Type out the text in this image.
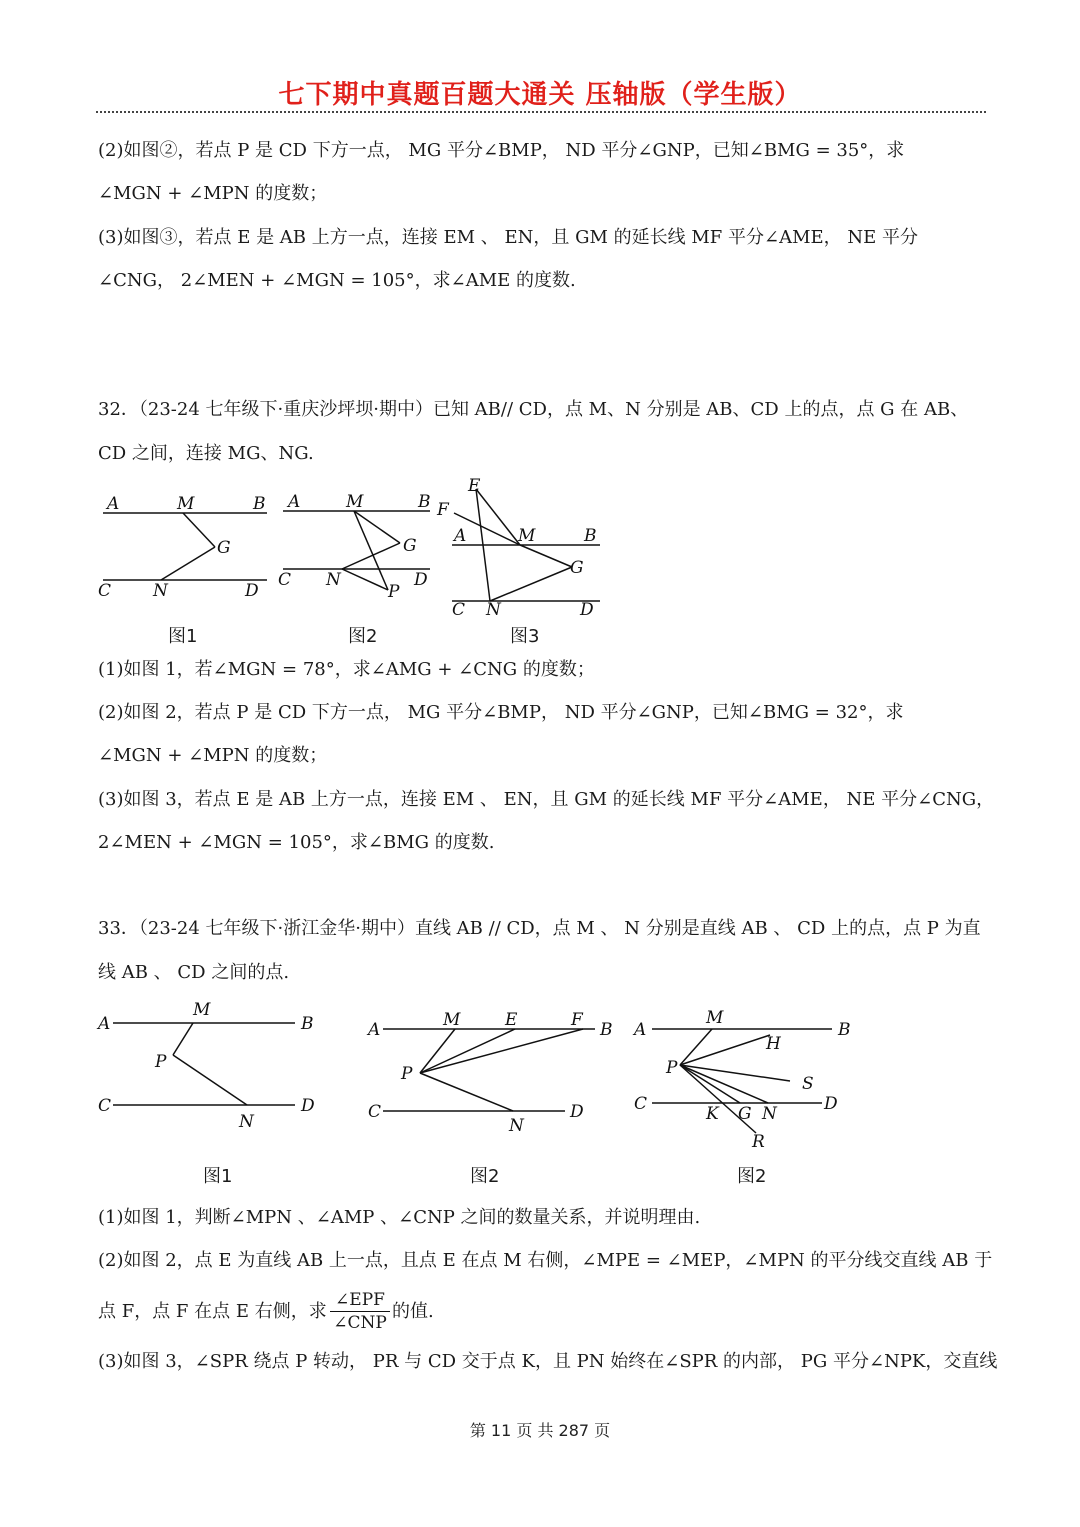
七下期中真题百题大通关 压轴版（学生版）
(2)如图②，若点 P 是 CD 下方一点， MG 平分∠BMP， ND 平分∠GNP，已知∠BMG = 35°，求
∠MGN + ∠MPN 的度数；
(3)如图③，若点 E 是 AB 上方一点，连接 EM 、 EN，且 GM 的延长线 MF 平分∠AME， NE 平分
∠CNG， 2∠MEN + ∠MGN = 105°，求∠AME 的度数.
32．（23-24 七年级下·重庆沙坪坝·期中）已知 AB// CD，点 M、N 分别是 AB、CD 上的点，点 G 在 AB、
CD 之间，连接 MG、NG.
A	M	B
G
C N	D
A	M	B
G
C N	D
P
E
F
A	M	B
G
C N	D
图1	图2	图3
(1)如图 1，若∠MGN = 78°，求∠AMG + ∠CNG 的度数；
(2)如图 2，若点 P 是 CD 下方一点， MG 平分∠BMP， ND 平分∠GNP，已知∠BMG = 32°，求
∠MGN + ∠MPN 的度数；
(3)如图 3，若点 E 是 AB 上方一点，连接 EM 、 EN，且 GM 的延长线 MF 平分∠AME， NE 平分∠CNG，
2∠MEN + ∠MGN = 105°，求∠BMG 的度数.
33．（23-24 七年级下·浙江金华·期中）直线 AB // CD，点 M 、 N 分别是直线 AB 、 CD 上的点，点 P 为直
线 AB 、 CD 之间的点.
A
M
B
P
C
N
D
A	M	E	F B
P
C
N
D
A
M
B
H
P
S
C	K G N	D
R
图1	图2	图2
(1)如图 1，判断∠MPN 、∠AMP 、∠CNP 之间的数量关系，并说明理由.
(2)如图 2，点 E 为直线 AB 上一点，且点 E 在点 M 右侧，∠MPE = ∠MEP，∠MPN 的平分线交直线 AB 于
点 F，点 F 在点 E 右侧，求
∠EPF
∠CNP
的值.
(3)如图 3，∠SPR 绕点 P 转动， PR 与 CD 交于点 K，且 PN 始终在∠SPR 的内部， PG 平分∠NPK，交直线
第 11 页 共 287 页
